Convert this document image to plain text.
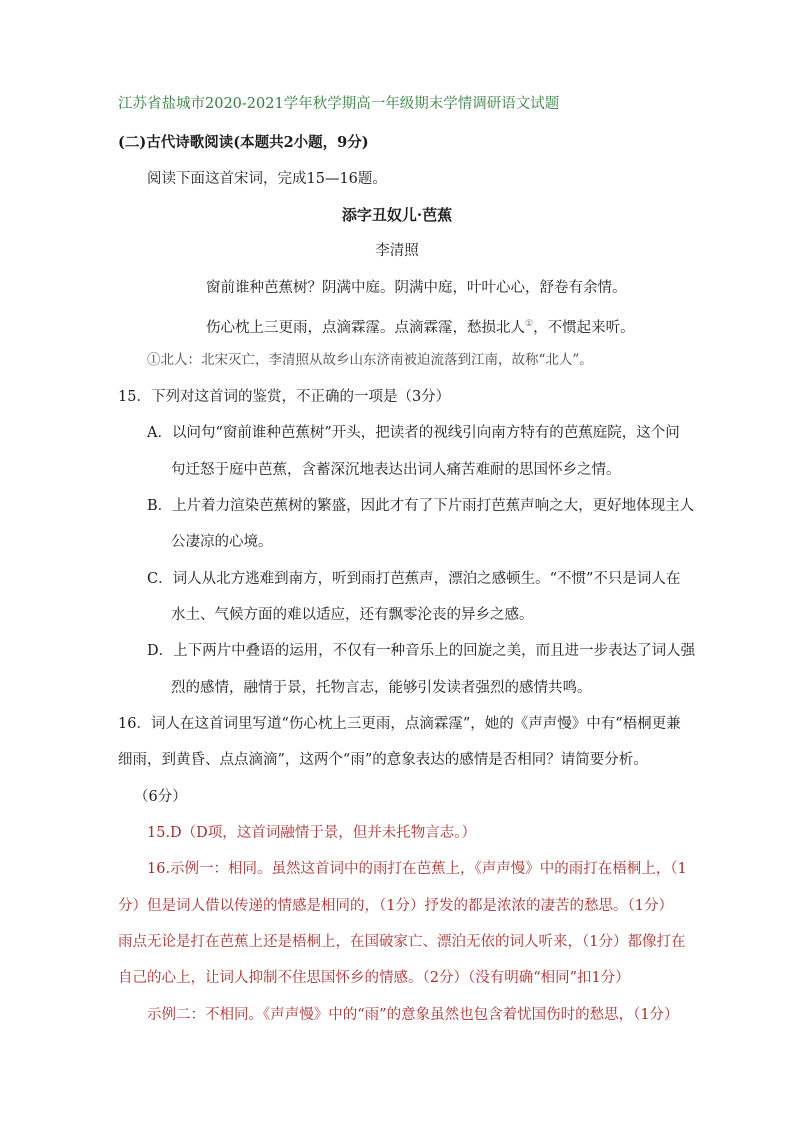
江苏省盐城市2020-2021学年秋学期高一年级期末学情调研语文试题
(二)古代诗歌阅读(本题共2小题，9分)
阅读下面这首宋词，完成15—16题。
添字丑奴儿·芭蕉
李清照
窗前谁种芭蕉树？阴满中庭。阴满中庭，叶叶心心，舒卷有余情。
伤心枕上三更雨，点滴霖霪。点滴霖霪，愁损北人①，不惯起来听。
①北人：北宋灭亡，李清照从故乡山东济南被迫流落到江南，故称“北人”。
15．下列对这首词的鉴赏，不正确的一项是（3分）
A．以问句“窗前谁种芭蕉树”开头，把读者的视线引向南方特有的芭蕉庭院，这个问
句迁怒于庭中芭蕉，含蓄深沉地表达出词人痛苦难耐的思国怀乡之情。
B．上片着力渲染芭蕉树的繁盛，因此才有了下片雨打芭蕉声响之大，更好地体现主人
公凄凉的心境。
C．词人从北方逃难到南方，听到雨打芭蕉声，漂泊之感顿生。“不惯”不只是词人在
水土、气候方面的难以适应，还有飘零沦丧的异乡之感。
D．上下两片中叠语的运用，不仅有一种音乐上的回旋之美，而且进一步表达了词人强
烈的感情，融情于景，托物言志，能够引发读者强烈的感情共鸣。
16．词人在这首词里写道“伤心枕上三更雨，点滴霖霪”，她的《声声慢》中有“梧桐更兼
细雨，到黄昏、点点滴滴”，这两个“雨”的意象表达的感情是否相同？请简要分析。
（6分）
15.D（D项，这首词融情于景，但并未托物言志。）
16.示例一：相同。虽然这首词中的雨打在芭蕉上，《声声慢》中的雨打在梧桐上，（1
分）但是词人借以传递的情感是相同的，（1分）抒发的都是浓浓的凄苦的愁思。（1分）
雨点无论是打在芭蕉上还是梧桐上，在国破家亡、漂泊无依的词人听来，（1分）都像打在
自己的心上，让词人抑制不住思国怀乡的情感。（2分）（没有明确“相同”扣1分）
示例二：不相同。《声声慢》中的“雨”的意象虽然也包含着忧国伤时的愁思，（1分）
